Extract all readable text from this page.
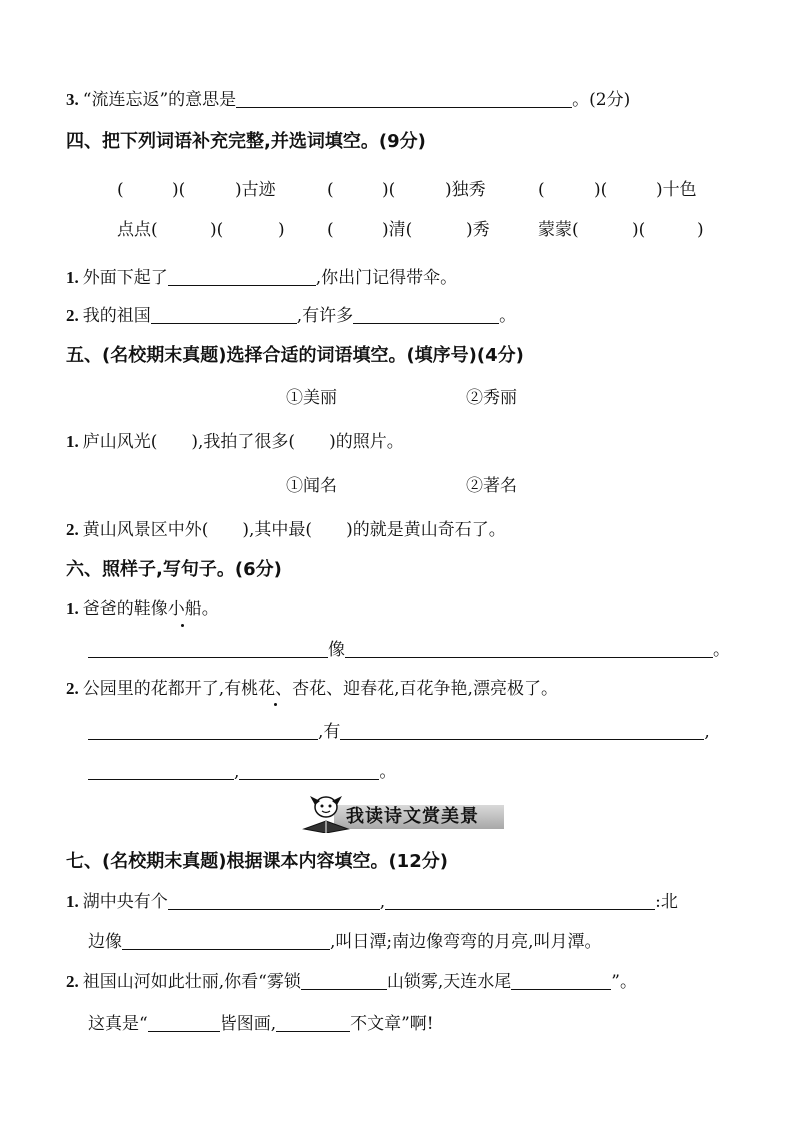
3. “流连忘返”的意思是	。(2分)
四、把下列词语补充完整,并选词填空。(9分)
(	)(	)古迹	(	)(	)独秀	(	)(	)十色
点点(	)(	) (	)清(	)秀	蒙蒙(	)(	)
1. 外面下起了	,你出门记得带伞。
2. 我的祖国	,有许多	。
五、(名校期末真题)选择合适的词语填空。(填序号)(4分)
①美丽	②秀丽
1. 庐山风光( ),我拍了很多( )的照片。
①闻名	②著名
2. 黄山风景区中外( ),其中最( )的就是黄山奇石了。
六、照样子,写句子。(6分)
1. 爸爸的鞋像小船。
像	。
2. 公园里的花都开了,有桃花、杏花、迎春花,百花争艳,漂亮极了。
,有	,
,	。
我读诗文赏美景
七、(名校期末真题)根据课本内容填空。(12分)
1. 湖中央有个	,	:北
边像	,叫日潭;南边像弯弯的月亮,叫月潭。
2. 祖国山河如此壮丽,你看“雾锁	山锁雾,天连水尾	”。
这真是“	皆图画,	不文章”啊!
